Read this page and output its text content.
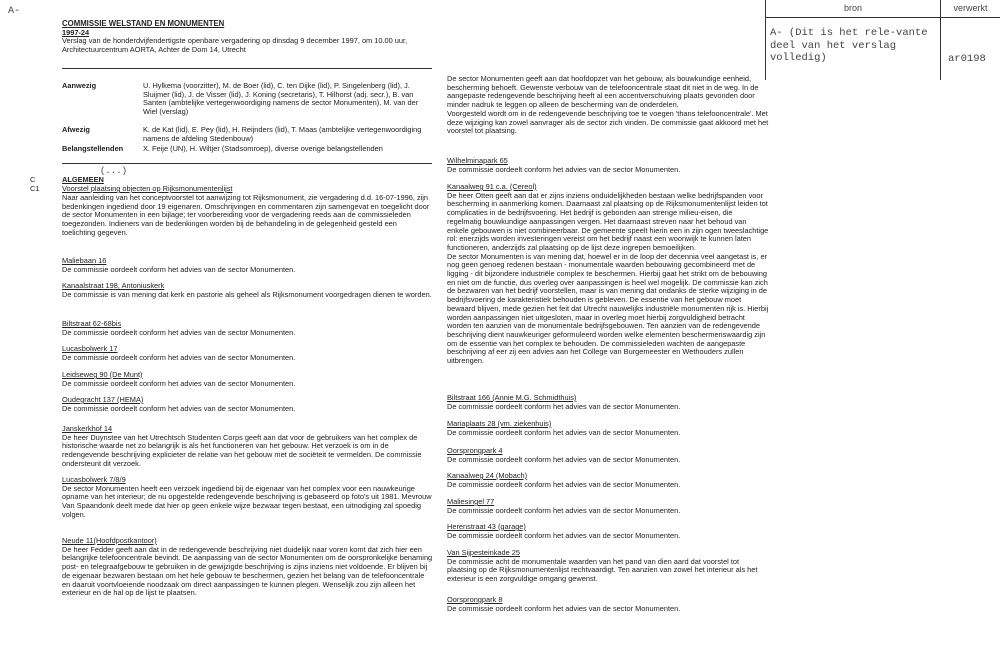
A-
COMMISSIE WELSTAND EN MONUMENTEN
1997-24
Verslag van de honderdvijfendertigste openbare vergadering op dinsdag 9 december 1997, om 10.00 uur, Architectuurcentrum AORTA, Achter de Dom 14, Utrecht
Aanwezig	U. Hylkema (voorzitter), M. de Boer (lid), C. ten Dijke (lid), P. Singelenberg (lid), J. Sluijmer (lid), J. de Visser (lid), J. Koning (secretaris), T. Hilhorst (adj. secr.), B. van Santen (ambtelijke vertegenwoordiging namens de sector Monumenten), M. van der Wiel (verslag)
Afwezig	K. de Kat (lid), E. Pey (lid), H. Reijnders (lid), T. Maas (ambtelijke vertegenwoordiging namens de afdeling Stedenbouw)
Belangstellenden	X. Feije (UN), H. Wiltjer (Stadsomroep), diverse overige belangstellenden
(...)
C	ALGEMEEN
C1	Voorstel plaatsing objecten op Rijksmonumentenlijst
Naar aanleiding van het conceptvoorstel tot aanwijzing tot Rijksmonument, zie vergadering d.d. 16-07-1996, zijn bedenkingen ingediend door 19 eigenaren. Omschrijvingen en commentaren zijn samengevat en toegelicht door de sector Monumenten in een bijlage; ter voorbereiding voor de vergadering reeds aan de commissieleden toegezonden. Indieners van de bedenkingen worden bij de behandeling in de gelegenheid gesteld een toelichting gegeven.
Maliebaan 16
De commissie oordeelt conform het advies van de sector Monumenten.
Kanaalstraat 198, Antoniuskerk
De commissie is van mening dat kerk en pastorie als geheel als Rijksmonument voorgedragen dienen te worden.
Biltstraat 62-68bis
De commissie oordeelt conform het advies van de sector Monumenten.
Lucasbolwerk 17
De commissie oordeelt conform het advies van de sector Monumenten.
Leidseweg 90 (De Munt)
De commissie oordeelt conform het advies van de sector Monumenten.
Oudegracht 137 (HEMA)
De commissie oordeelt conform het advies van de sector Monumenten.
Janskerkhof 14
De heer Duynstee van het Utrechtsch Studenten Corps geeft aan dat voor de gebruikers van het complex de historische waarde net zo belangrijk is als het functioneren van het gebouw. Het verzoek is om in de redengevende beschrijving explicieter de relatie van het gebouw met de sociëteit te vermelden. De commissie ondersteunt dit verzoek.
Lucasbolwerk 7/8/9
De sector Monumenten heeft een verzoek ingediend bij de eigenaar van het complex voor een nauwkeurige opname van het interieur; de nu opgestelde redengevende beschrijving is gebaseerd op foto's uit 1981. Mevrouw Van Spaandonk deelt mede dat hier op geen enkele wijze bezwaar tegen bestaat, een uitnodiging zal spoedig volgen.
Neude 11(Hoofdpostkantoor)
De heer Fedder geeft aan dat in de redengevende beschrijving niet duidelijk naar voren komt dat zich hier een belangrijke telefooncentrale bevindt. De aanpassing van de sector Monumenten om de oorspronkelijke benaming post- en telegraafgebouw te gebruiken in de gewijzigde beschrijving is zijns inziens niet voldoende. Er blijven bij de eigenaar bezwaren bestaan om het hele gebouw te beschermen, gezien het belang van de telefooncentrale en daaruit voortvloeiende noodzaak om direct aanpassingen te kunnen plegen. Wenselijk zou zijn alleen het exterieur en de hal op de lijst te plaatsen.
De sector Monumenten geeft aan dat hoofdopzet van het gebouw, als bouwkundige eenheid, bescherming behoeft. Gewenste verbouw van de telefooncentrale staat dit niet in de weg. In de aangepaste redengevende beschrijving heeft al een accentverschuiving plaats gevonden door minder nadruk te leggen op alleen de bescherming van de onderdelen.
Voorgesteld wordt om in de redengevende beschrijving toe te voegen 'thans telefooncentrale'. Met deze wijziging kan zowel aanvrager als de sector zich vinden. De commissie gaat akkoord met het voorstel tot plaatsing.
Wilhelminapark 65
De commissie oordeelt conform het advies van de sector Monumenten.
Kanaalweg 91 c.a. (Cereol)
De heer Otten geeft aan dat er zijns inziens onduidelijkheden bestaan welke bedrijfspanden voor bescherming in aanmerking komen. Daarnaast zal plaatsing op de Rijksmonumentenlijst leiden tot complicaties in de bedrijfsvoering. Het bedrijf is gebonden aan strenge milieu-eisen, die regelmatig bouwkundige aanpassingen vergen. Het daarnaast streven naar het behoud van enkele gebouwen is niet combineerbaar. De gemeente speelt hierin een in zijn ogen tweeslachtige rol: enerzijds worden investeringen vereist om het bedrijf naast een woonwijk te kunnen laten functioneren, anderzijds zal plaatsing op de lijst deze ingrepen bemoeilijken.
De sector Monumenten is van mening dat, hoewel er in de loop der decennia veel aangetast is, er nog geen genoeg redenen bestaan - monumentale waarden bebouwing gecombineerd met de ligging - dit bijzondere industriële complex te beschermen. Hierbij gaat het strikt om de bebouwing en niet om de functie, dus overleg over aanpassingen is heel wel mogelijk. De commissie kan zich de bezwaren van het bedrijf voorstellen, maar is van mening dat ondanks de sterke wijziging in de bedrijfsvoering de karakteristiek behouden is gebleven. De essentie van het gebouw moet bewaard blijven, mede gezien het feit dat Utrecht nauwelijks industriële monumenten rijk is. Hierbij worden aanpassingen niet uitgesloten, maar in overleg moet hierbij zorgvuldigheid betracht worden ten aanzien van de monumentale bedrijfsgebouwen. Ten aanzien van de redengevende beschrijving dient nauwkeuriger geformuleerd worden welke elementen beschermenswaardig zijn om de essentie van het complex te behouden. De commissieleden wachten de aangepaste beschrijving af eer zij een advies aan het College van Burgemeester en Wethouders zullen uitbrengen.
Biltstraat 166 (Annie M.G. Schmidthuis)
De commissie oordeelt conform het advies van de sector Monumenten.
Mariaplaats 28 (vm. ziekenhuis)
De commissie oordeelt conform het advies van de sector Monumenten.
Oorsprongpark 4
De commissie oordeelt conform het advies van de sector Monumenten.
Kanaalweg 24 (Mobach)
De commissie oordeelt conform het advies van de sector Monumenten.
Maliesingel 77
De commissie oordeelt conform het advies van de sector Monumenten.
Herenstraat 43 (garage)
De commissie oordeelt conform het advies van de sector Monumenten.
Van Sijpesteinkade 25
De commissie acht de monumentale waarden van het pand van dien aard dat voorstel tot plaatsing op de Rijksmonumentenlijst rechtvaardigt. Ten aanzien van zowel het interieur als het exterieur is een zorgvuldige omgang gewenst.
Oorsprongpark 8
De commissie oordeelt conform het advies van de sector Monumenten.
bron	verwerkt
A- (Dit is het rele-vante deel van het verslag volledig)	ar0198
